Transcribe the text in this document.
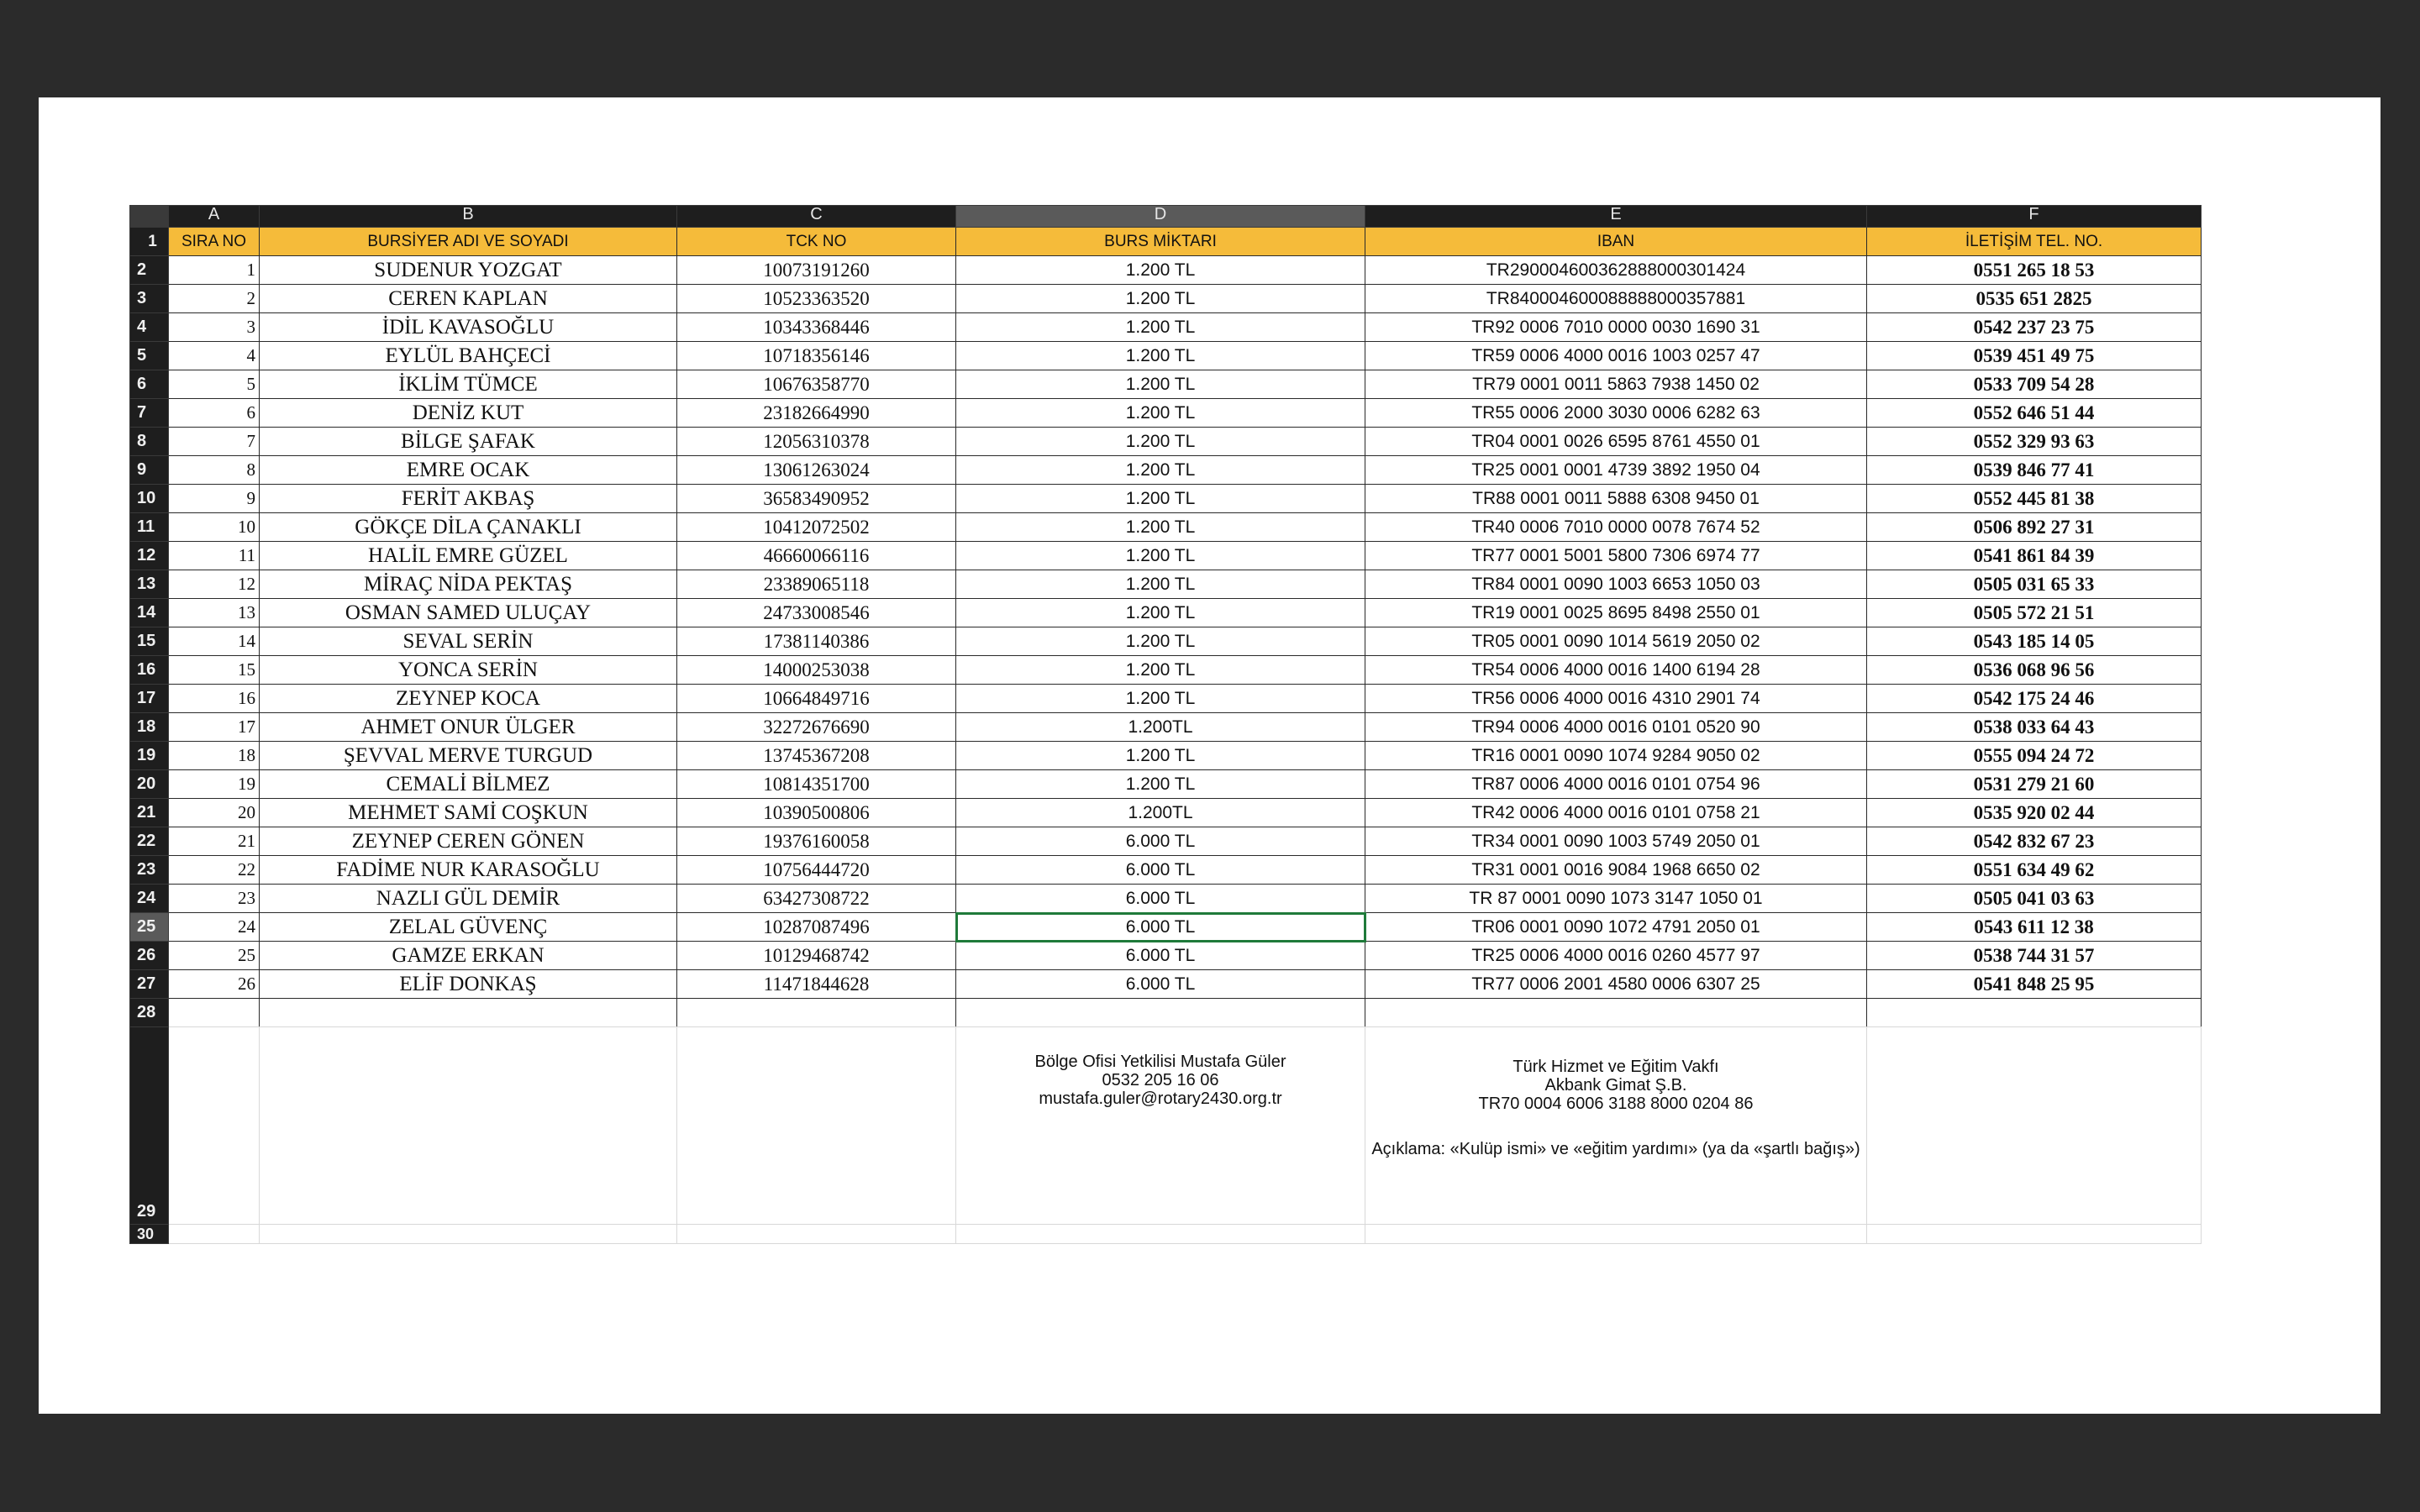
	A	B	C	D	E	F
1	SIRA NO	BURSİYER ADI VE SOYADI	TCK NO	BURS MİKTARI	IBAN	İLETİŞİM TEL. NO.
2	1	SUDENUR YOZGAT	10073191260	1.200 TL	TR290004600362888000301424	0551 265 18 53
3	2	CEREN KAPLAN	10523363520	1.200 TL	TR840004600088888000357881	0535 651 2825
4	3	İDİL KAVASOĞLU	10343368446	1.200 TL	TR92 0006 7010 0000 0030 1690 31	0542 237 23 75
5	4	EYLÜL BAHÇECİ	10718356146	1.200 TL	TR59 0006 4000 0016 1003 0257 47	0539 451 49 75
6	5	İKLİM TÜMCE	10676358770	1.200 TL	TR79 0001 0011 5863 7938 1450 02	0533 709 54 28
7	6	DENİZ KUT	23182664990	1.200 TL	TR55 0006 2000 3030 0006 6282 63	0552 646 51 44
8	7	BİLGE ŞAFAK	12056310378	1.200 TL	TR04 0001 0026 6595 8761 4550 01	0552 329 93 63
9	8	EMRE OCAK	13061263024	1.200 TL	TR25 0001 0001 4739 3892 1950 04	0539 846 77 41
10	9	FERİT AKBAŞ	36583490952	1.200 TL	TR88 0001 0011 5888 6308 9450 01	0552 445 81 38
11	10	GÖKÇE DİLA ÇANAKLI	10412072502	1.200 TL	TR40 0006 7010 0000 0078 7674 52	0506 892 27 31
12	11	HALİL EMRE GÜZEL	46660066116	1.200 TL	TR77 0001 5001 5800 7306 6974 77	0541 861 84 39
13	12	MİRAÇ NİDA PEKTAŞ	23389065118	1.200 TL	TR84 0001 0090 1003 6653 1050 03	0505 031 65 33
14	13	OSMAN SAMED ULUÇAY	24733008546	1.200 TL	TR19 0001 0025 8695 8498 2550 01	0505 572 21 51
15	14	SEVAL SERİN	17381140386	1.200 TL	TR05 0001 0090 1014 5619 2050 02	0543 185 14 05
16	15	YONCA SERİN	14000253038	1.200 TL	TR54 0006 4000 0016 1400 6194 28	0536 068 96 56
17	16	ZEYNEP KOCA	10664849716	1.200 TL	TR56 0006 4000 0016 4310 2901 74	0542 175 24 46
18	17	AHMET ONUR ÜLGER	32272676690	1.200TL	TR94 0006 4000 0016 0101 0520 90	0538 033 64 43
19	18	ŞEVVAL MERVE TURGUD	13745367208	1.200 TL	TR16 0001 0090 1074 9284 9050 02	0555 094 24 72
20	19	CEMALİ BİLMEZ	10814351700	1.200 TL	TR87 0006 4000 0016 0101 0754 96	0531 279 21 60
21	20	MEHMET SAMİ COŞKUN	10390500806	1.200TL	TR42 0006 4000 0016 0101 0758 21	0535 920 02 44
22	21	ZEYNEP CEREN GÖNEN	19376160058	6.000 TL	TR34 0001 0090 1003 5749 2050 01	0542 832 67 23
23	22	FADİME NUR KARASOĞLU	10756444720	6.000 TL	TR31 0001 0016 9084 1968 6650 02	0551 634 49 62
24	23	NAZLI GÜL DEMİR	63427308722	6.000 TL	TR 87 0001 0090 1073 3147 1050 01	0505 041 03 63
25	24	ZELAL GÜVENÇ	10287087496	6.000 TL	TR06 0001 0090 1072 4791 2050 01	0543 611 12 38
26	25	GAMZE ERKAN	10129468742	6.000 TL	TR25 0006 4000 0016 0260 4577 97	0538 744 31 57
27	26	ELİF DONKAŞ	11471844628	6.000 TL	TR77 0006 2001 4580 0006 6307 25	0541 848 25 95
28						
29				Bölge Ofisi Yetkilisi Mustafa Güler
0532 205 16 06
mustafa.guler@rotary2430.org.tr	Türk Hizmet ve Eğitim Vakfı
Akbank Gimat Ş.B.
TR70 0004 6006 3188 8000 0204 86
Açıklama: «Kulüp ismi» ve «eğitim yardımı» (ya da «şartlı bağış»)	

30						
